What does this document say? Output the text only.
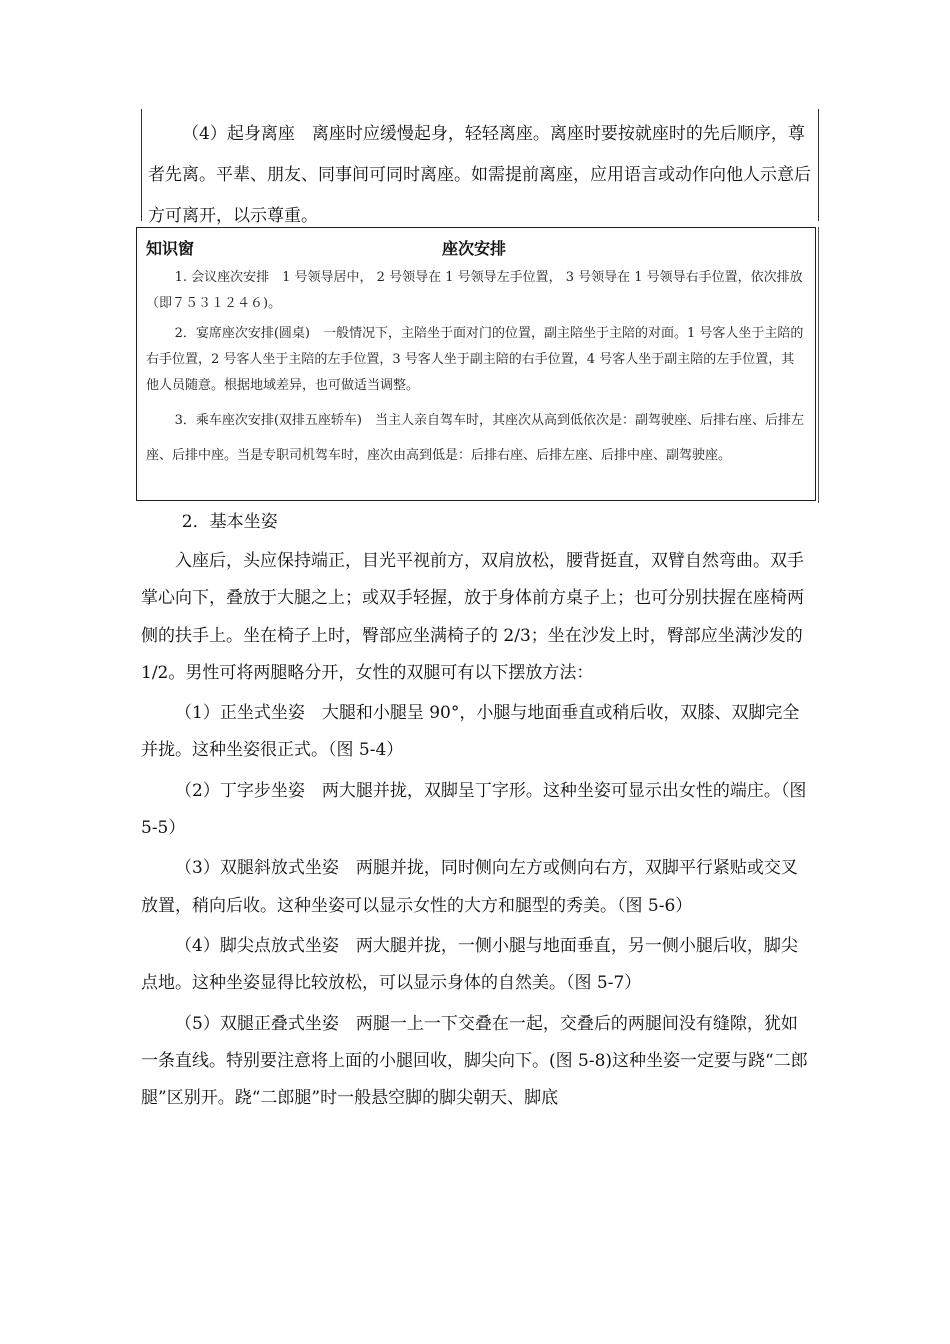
（4）起身离座　离座时应缓慢起身，轻轻离座。离座时要按就座时的先后顺序，尊者先离。平辈、朋友、同事间可同时离座。如需提前离座，应用语言或动作向他人示意后方可离开，以示尊重。

知识窗	座次安排

1. 会议座次安排　1 号领导居中， 2 号领导在 1 号领导左手位置， 3 号领导在 1 号领导右手位置，依次排放（即７５３１２４６)。

2．宴席座次安排(圆桌)　一般情况下，主陪坐于面对门的位置，副主陪坐于主陪的对面。1 号客人坐于主陪的右手位置，2 号客人坐于主陪的左手位置，3 号客人坐于副主陪的右手位置，4 号客人坐于副主陪的左手位置，其他人员随意。根据地域差异，也可做适当调整。

3．乘车座次安排(双排五座轿车)　当主人亲自驾车时，其座次从高到低依次是：副驾驶座、后排右座、后排左座、后排中座。当是专职司机驾车时，座次由高到低是：后排右座、后排左座、后排中座、副驾驶座。

2．基本坐姿

入座后，头应保持端正，目光平视前方，双肩放松，腰背挺直，双臂自然弯曲。双手掌心向下，叠放于大腿之上；或双手轻握，放于身体前方桌子上；也可分别扶握在座椅两侧的扶手上。坐在椅子上时，臀部应坐满椅子的 2/3；坐在沙发上时，臀部应坐满沙发的 1/2。男性可将两腿略分开，女性的双腿可有以下摆放方法：

（1）正坐式坐姿　大腿和小腿呈 90°，小腿与地面垂直或稍后收，双膝、双脚完全并拢。这种坐姿很正式。（图 5-4）

（2）丁字步坐姿　两大腿并拢，双脚呈丁字形。这种坐姿可显示出女性的端庄。（图 5-5）

（3）双腿斜放式坐姿　两腿并拢，同时侧向左方或侧向右方，双脚平行紧贴或交叉放置，稍向后收。这种坐姿可以显示女性的大方和腿型的秀美。（图 5-6）

（4）脚尖点放式坐姿　两大腿并拢，一侧小腿与地面垂直，另一侧小腿后收，脚尖点地。这种坐姿显得比较放松，可以显示身体的自然美。（图 5-7）

（5）双腿正叠式坐姿　两腿一上一下交叠在一起，交叠后的两腿间没有缝隙，犹如一条直线。特别要注意将上面的小腿回收，脚尖向下。(图 5-8)这种坐姿一定要与跷“二郎腿”区别开。跷“二郎腿”时一般悬空脚的脚尖朝天、脚底
